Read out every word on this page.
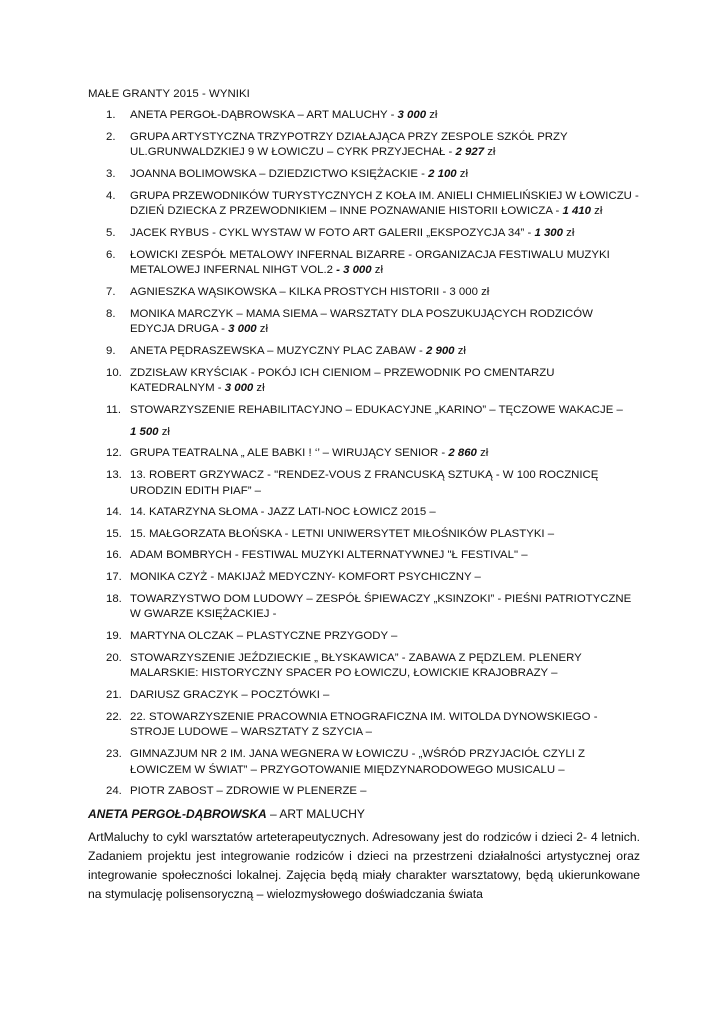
MAŁE GRANTY 2015 - WYNIKI

1. ANETA PERGOŁ-DĄBROWSKA – ART MALUCHY - 3 000 zł
2. GRUPA ARTYSTYCZNA TRZYPOTRZY DZIAŁAJĄCA PRZY ZESPOLE SZKÓŁ PRZY UL.GRUNWALDZKIEJ 9 W ŁOWICZU – CYRK PRZYJECHAŁ - 2 927 zł
3. JOANNA BOLIMOWSKA – DZIEDZICTWO KSIĘŻACKIE - 2 100 zł
4. GRUPA PRZEWODNIKÓW TURYSTYCZNYCH Z KOŁA IM. ANIELI CHMIELIŃSKIEJ W ŁOWICZU - DZIEŃ DZIECKA Z PRZEWODNIKIEM – INNE POZNAWANIE HISTORII ŁOWICZA - 1 410 zł
5. JACEK RYBUS - CYKL WYSTAW W FOTO ART GALERII „EKSPOZYCJA 34” - 1 300 zł
6. ŁOWICKI ZESPÓŁ METALOWY INFERNAL BIZARRE - ORGANIZACJA FESTIWALU MUZYKI METALOWEJ INFERNAL NIHGT VOL.2 - 3 000 zł
7. AGNIESZKA WĄSIKOWSKA – KILKA PROSTYCH HISTORII - 3 000 zł
8. MONIKA MARCZYK – MAMA SIEMA – WARSZTATY DLA POSZUKUJĄCYCH RODZICÓW EDYCJA DRUGA - 3 000 zł
9. ANETA PĘDRASZEWSKA – MUZYCZNY PLAC ZABAW - 2 900 zł
10. ZDZISŁAW KRYŚCIAK - POKÓJ ICH CIENIOM – PRZEWODNIK PO CMENTARZU KATEDRALNYM - 3 000 zł
11. STOWARZYSZENIE REHABILITACYJNO – EDUKACYJNE „KARINO” – TĘCZOWE WAKACJE –
1 500 zł
12. GRUPA TEATRALNA „ ALE BABKI ! ‘’ – WIRUJĄCY SENIOR - 2 860 zł
13. 13. ROBERT GRZYWACZ - "RENDEZ-VOUS Z FRANCUSKĄ SZTUKĄ - W 100 ROCZNICĘ URODZIN EDITH PIAF” –
14. 14. KATARZYNA SŁOMA - JAZZ LATI-NOC ŁOWICZ 2015 –
15. 15. MAŁGORZATA BŁOŃSKA - LETNI UNIWERSYTET MIŁOŚNIKÓW PLASTYKI –
16. ADAM BOMBRYCH - FESTIWAL MUZYKI ALTERNATYWNEJ "Ł FESTIVAL" –
17. MONIKA CZYŻ - MAKIJAŻ MEDYCZNY- KOMFORT PSYCHICZNY –
18. TOWARZYSTWO DOM LUDOWY – ZESPÓŁ ŚPIEWACZY „KSINZOKI” - PIEŚNI PATRIOTYCZNE W GWARZE KSIĘŻACKIEJ -
19. MARTYNA OLCZAK – PLASTYCZNE PRZYGODY –
20. STOWARZYSZENIE JEŹDZIECKIE „ BŁYSKAWICA” - ZABAWA Z PĘDZLEM. PLENERY MALARSKIE: HISTORYCZNY SPACER PO ŁOWICZU, ŁOWICKIE KRAJOBRAZY –
21. DARIUSZ GRACZYK – POCZTÓWKI –
22. 22. STOWARZYSZENIE PRACOWNIA ETNOGRAFICZNA IM. WITOLDA DYNOWSKIEGO - STROJE LUDOWE – WARSZTATY Z SZYCIA –
23. GIMNAZJUM NR 2 IM. JANA WEGNERA W ŁOWICZU - „WŚRÓD PRZYJACIÓŁ CZYLI Z ŁOWICZEM W ŚWIAT” – PRZYGOTOWANIE MIĘDZYNARODOWEGO MUSICALU –
24. PIOTR ZABOST – ZDROWIE W PLENERZE –

ANETA PERGOŁ-DĄBROWSKA – ART MALUCHY

ArtMaluchy to cykl warsztatów arteterapeutycznych. Adresowany jest do rodziców i dzieci 2- 4 letnich. Zadaniem projektu jest integrowanie rodziców i dzieci na przestrzeni działalności artystycznej oraz integrowanie społeczności lokalnej. Zajęcia będą miały charakter warsztatowy, będą ukierunkowane na stymulację polisensoryczną – wielozmysłowego doświadczania świata
